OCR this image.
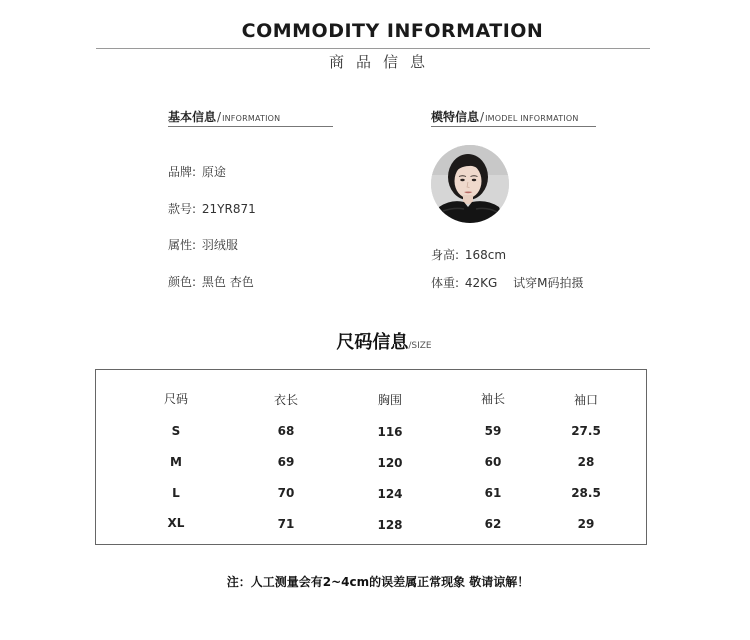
COMMODITY INFORMATION
商品信息
基本信息/INFORMATION
品牌: 原途
款号: 21YR871
属性: 羽绒服
颜色: 黑色 杏色
模特信息/IMODEL INFORMATION
身高: 168cm
体重: 42KG 试穿M码拍摄
尺码信息/SIZE
尺码	衣长	胸围	袖长	袖口
S	68	116	59	27.5
M	69	120	60	28
L	70	124	61	28.5
XL	71	128	62	29
注：人工测量会有2~4cm的误差属正常现象 敬请谅解！
